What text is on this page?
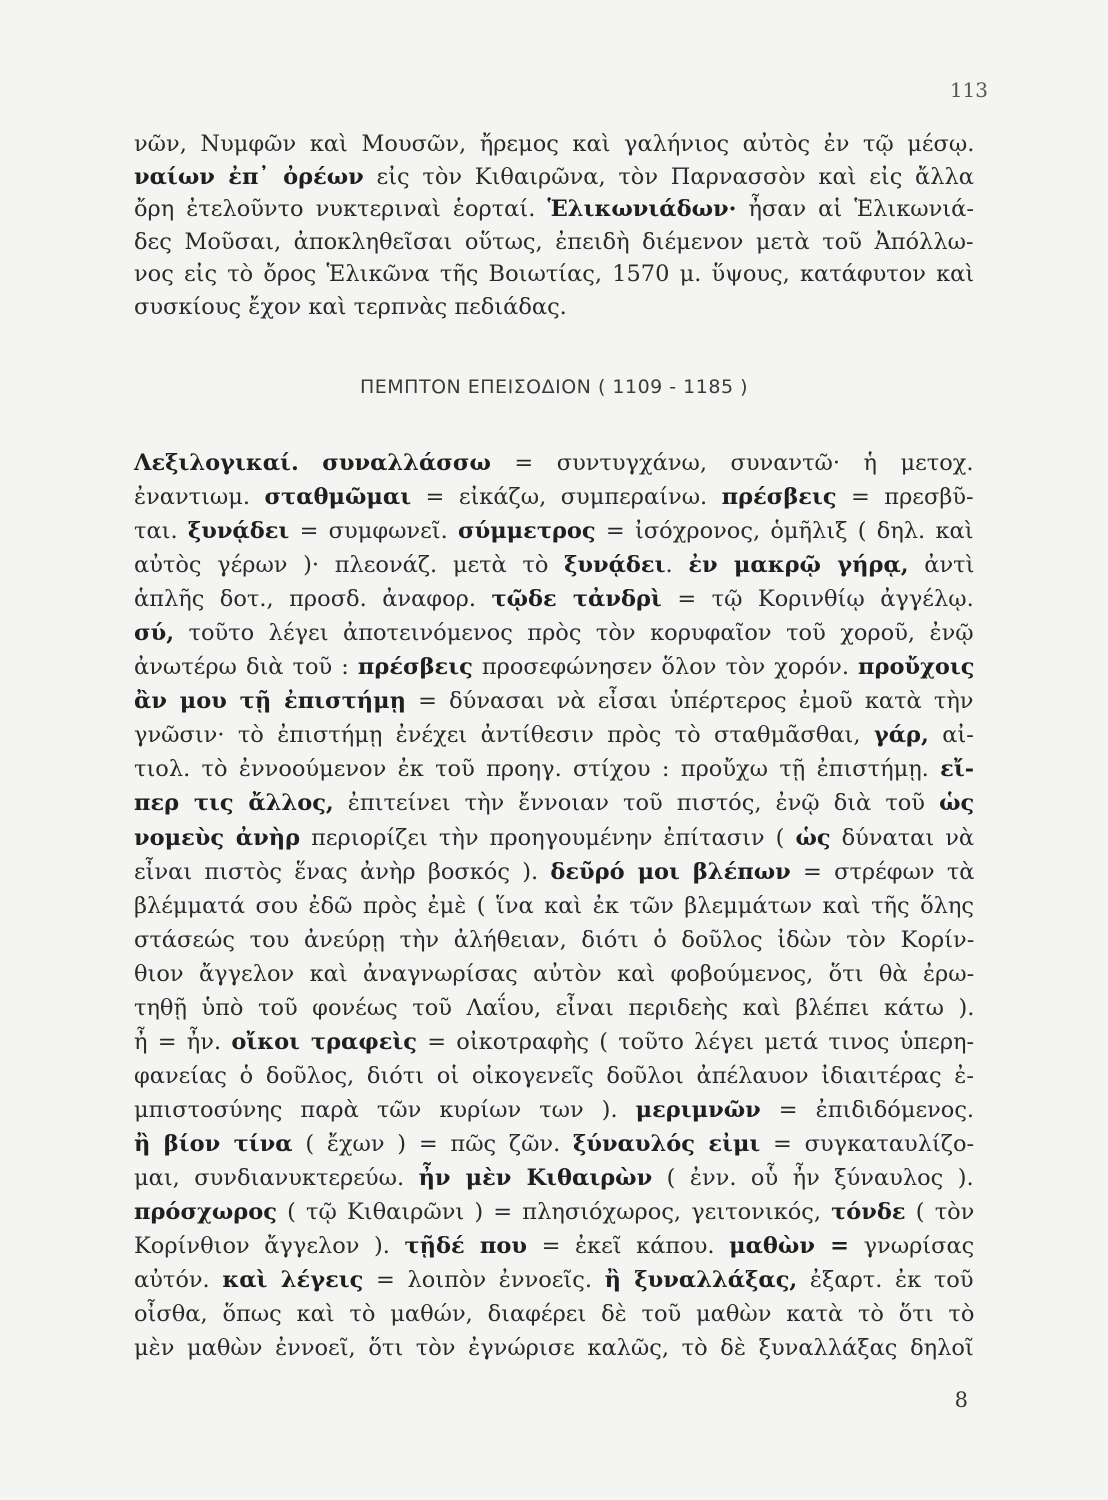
113
νῶν, Νυμφῶν καὶ Μουσῶν, ἤρεμος καὶ γαλήνιος αὐτὸς ἐν τῷ μέσῳ.
ναίων ἐπ᾽ ὀρέων εἰς τὸν Κιθαιρῶνα, τὸν Παρνασσὸν καὶ εἰς ἄλλα
ὄρη ἐτελοῦντο νυκτεριναὶ ἑορταί. Ἑλικωνιάδων· ἦσαν αἱ Ἑλικωνιά-
δες Μοῦσαι, ἀποκληθεῖσαι οὕτως, ἐπειδὴ διέμενον μετὰ τοῦ Ἀπόλλω-
νος εἰς τὸ ὄρος Ἑλικῶνα τῆς Βοιωτίας, 1570 μ. ὕψους, κατάφυτον καὶ
συσκίους ἔχον καὶ τερπνὰς πεδιάδας.
ΠΕΜΠΤΟΝ ΕΠΕΙΣΟΔΙΟΝ ( 1109 - 1185 )
Λεξιλογικαί. συναλλάσσω = συντυγχάνω, συναντῶ· ἡ μετοχ.
ἐναντιωμ. σταθμῶμαι = εἰκάζω, συμπεραίνω. πρέσβεις = πρεσβῦ-
ται. ξυνᾴδει = συμφωνεῖ. σύμμετρος = ἰσόχρονος, ὁμῆλιξ ( δηλ. καὶ
αὐτὸς γέρων )· πλεονάζ. μετὰ τὸ ξυνᾴδει. ἐν μακρῷ γήρᾳ, ἀντὶ
ἁπλῆς δοτ., προσδ. ἀναφορ. τῷδε τἀνδρὶ = τῷ Κορινθίῳ ἀγγέλῳ.
σύ, τοῦτο λέγει ἀποτεινόμενος πρὸς τὸν κορυφαῖον τοῦ χοροῦ, ἐνῷ
ἀνωτέρω διὰ τοῦ : πρέσβεις προσεφώνησεν ὅλον τὸν χορόν. προὔχοις
ἂν μου τῇ ἐπιστήμῃ = δύνασαι νὰ εἶσαι ὑπέρτερος ἐμοῦ κατὰ τὴν
γνῶσιν· τὸ ἐπιστήμῃ ἐνέχει ἀντίθεσιν πρὸς τὸ σταθμᾶσθαι, γάρ, αἰ-
τιολ. τὸ ἐννοούμενον ἐκ τοῦ προηγ. στίχου : προὔχω τῇ ἐπιστήμῃ. εἴ-
περ τις ἄλλος, ἐπιτείνει τὴν ἔννοιαν τοῦ πιστός, ἐνῷ διὰ τοῦ ὡς
νομεὺς ἀνὴρ περιορίζει τὴν προηγουμένην ἐπίτασιν ( ὡς δύναται νὰ
εἶναι πιστὸς ἕνας ἀνὴρ βοσκός ). δεῦρό μοι βλέπων = στρέφων τὰ
βλέμματά σου ἐδῶ πρὸς ἐμὲ ( ἵνα καὶ ἐκ τῶν βλεμμάτων καὶ τῆς ὅλης
στάσεώς του ἀνεύρῃ τὴν ἀλήθειαν, διότι ὁ δοῦλος ἰδὼν τὸν Κορίν-
θιον ἄγγελον καὶ ἀναγνωρίσας αὐτὸν καὶ φοβούμενος, ὅτι θὰ ἐρω-
τηθῇ ὑπὸ τοῦ φονέως τοῦ Λαΐου, εἶναι περιδεὴς καὶ βλέπει κάτω ).
ἦ = ἦν. οἴκοι τραφεὶς = οἰκοτραφὴς ( τοῦτο λέγει μετά τινος ὑπερη-
φανείας ὁ δοῦλος, διότι οἱ οἰκογενεῖς δοῦλοι ἀπέλαυον ἰδιαιτέρας ἐ-
μπιστοσύνης παρὰ τῶν κυρίων των ). μεριμνῶν = ἐπιδιδόμενος.
ἢ βίον τίνα ( ἔχων ) = πῶς ζῶν. ξύναυλός εἰμι = συγκαταυλίζο-
μαι, συνδιανυκτερεύω. ἦν μὲν Κιθαιρὼν ( ἐνν. οὗ ἦν ξύναυλος ).
πρόσχωρος ( τῷ Κιθαιρῶνι ) = πλησιόχωρος, γειτονικός, τόνδε ( τὸν
Κορίνθιον ἄγγελον ). τῇδέ που = ἐκεῖ κάπου. μαθὼν = γνωρίσας
αὐτόν. καὶ λέγεις = λοιπὸν ἐννοεῖς. ἢ ξυναλλάξας, ἐξαρτ. ἐκ τοῦ
οἶσθα, ὅπως καὶ τὸ μαθών, διαφέρει δὲ τοῦ μαθὼν κατὰ τὸ ὅτι τὸ
μὲν μαθὼν ἐννοεῖ, ὅτι τὸν ἐγνώρισε καλῶς, τὸ δὲ ξυναλλάξας δηλοῖ
8
